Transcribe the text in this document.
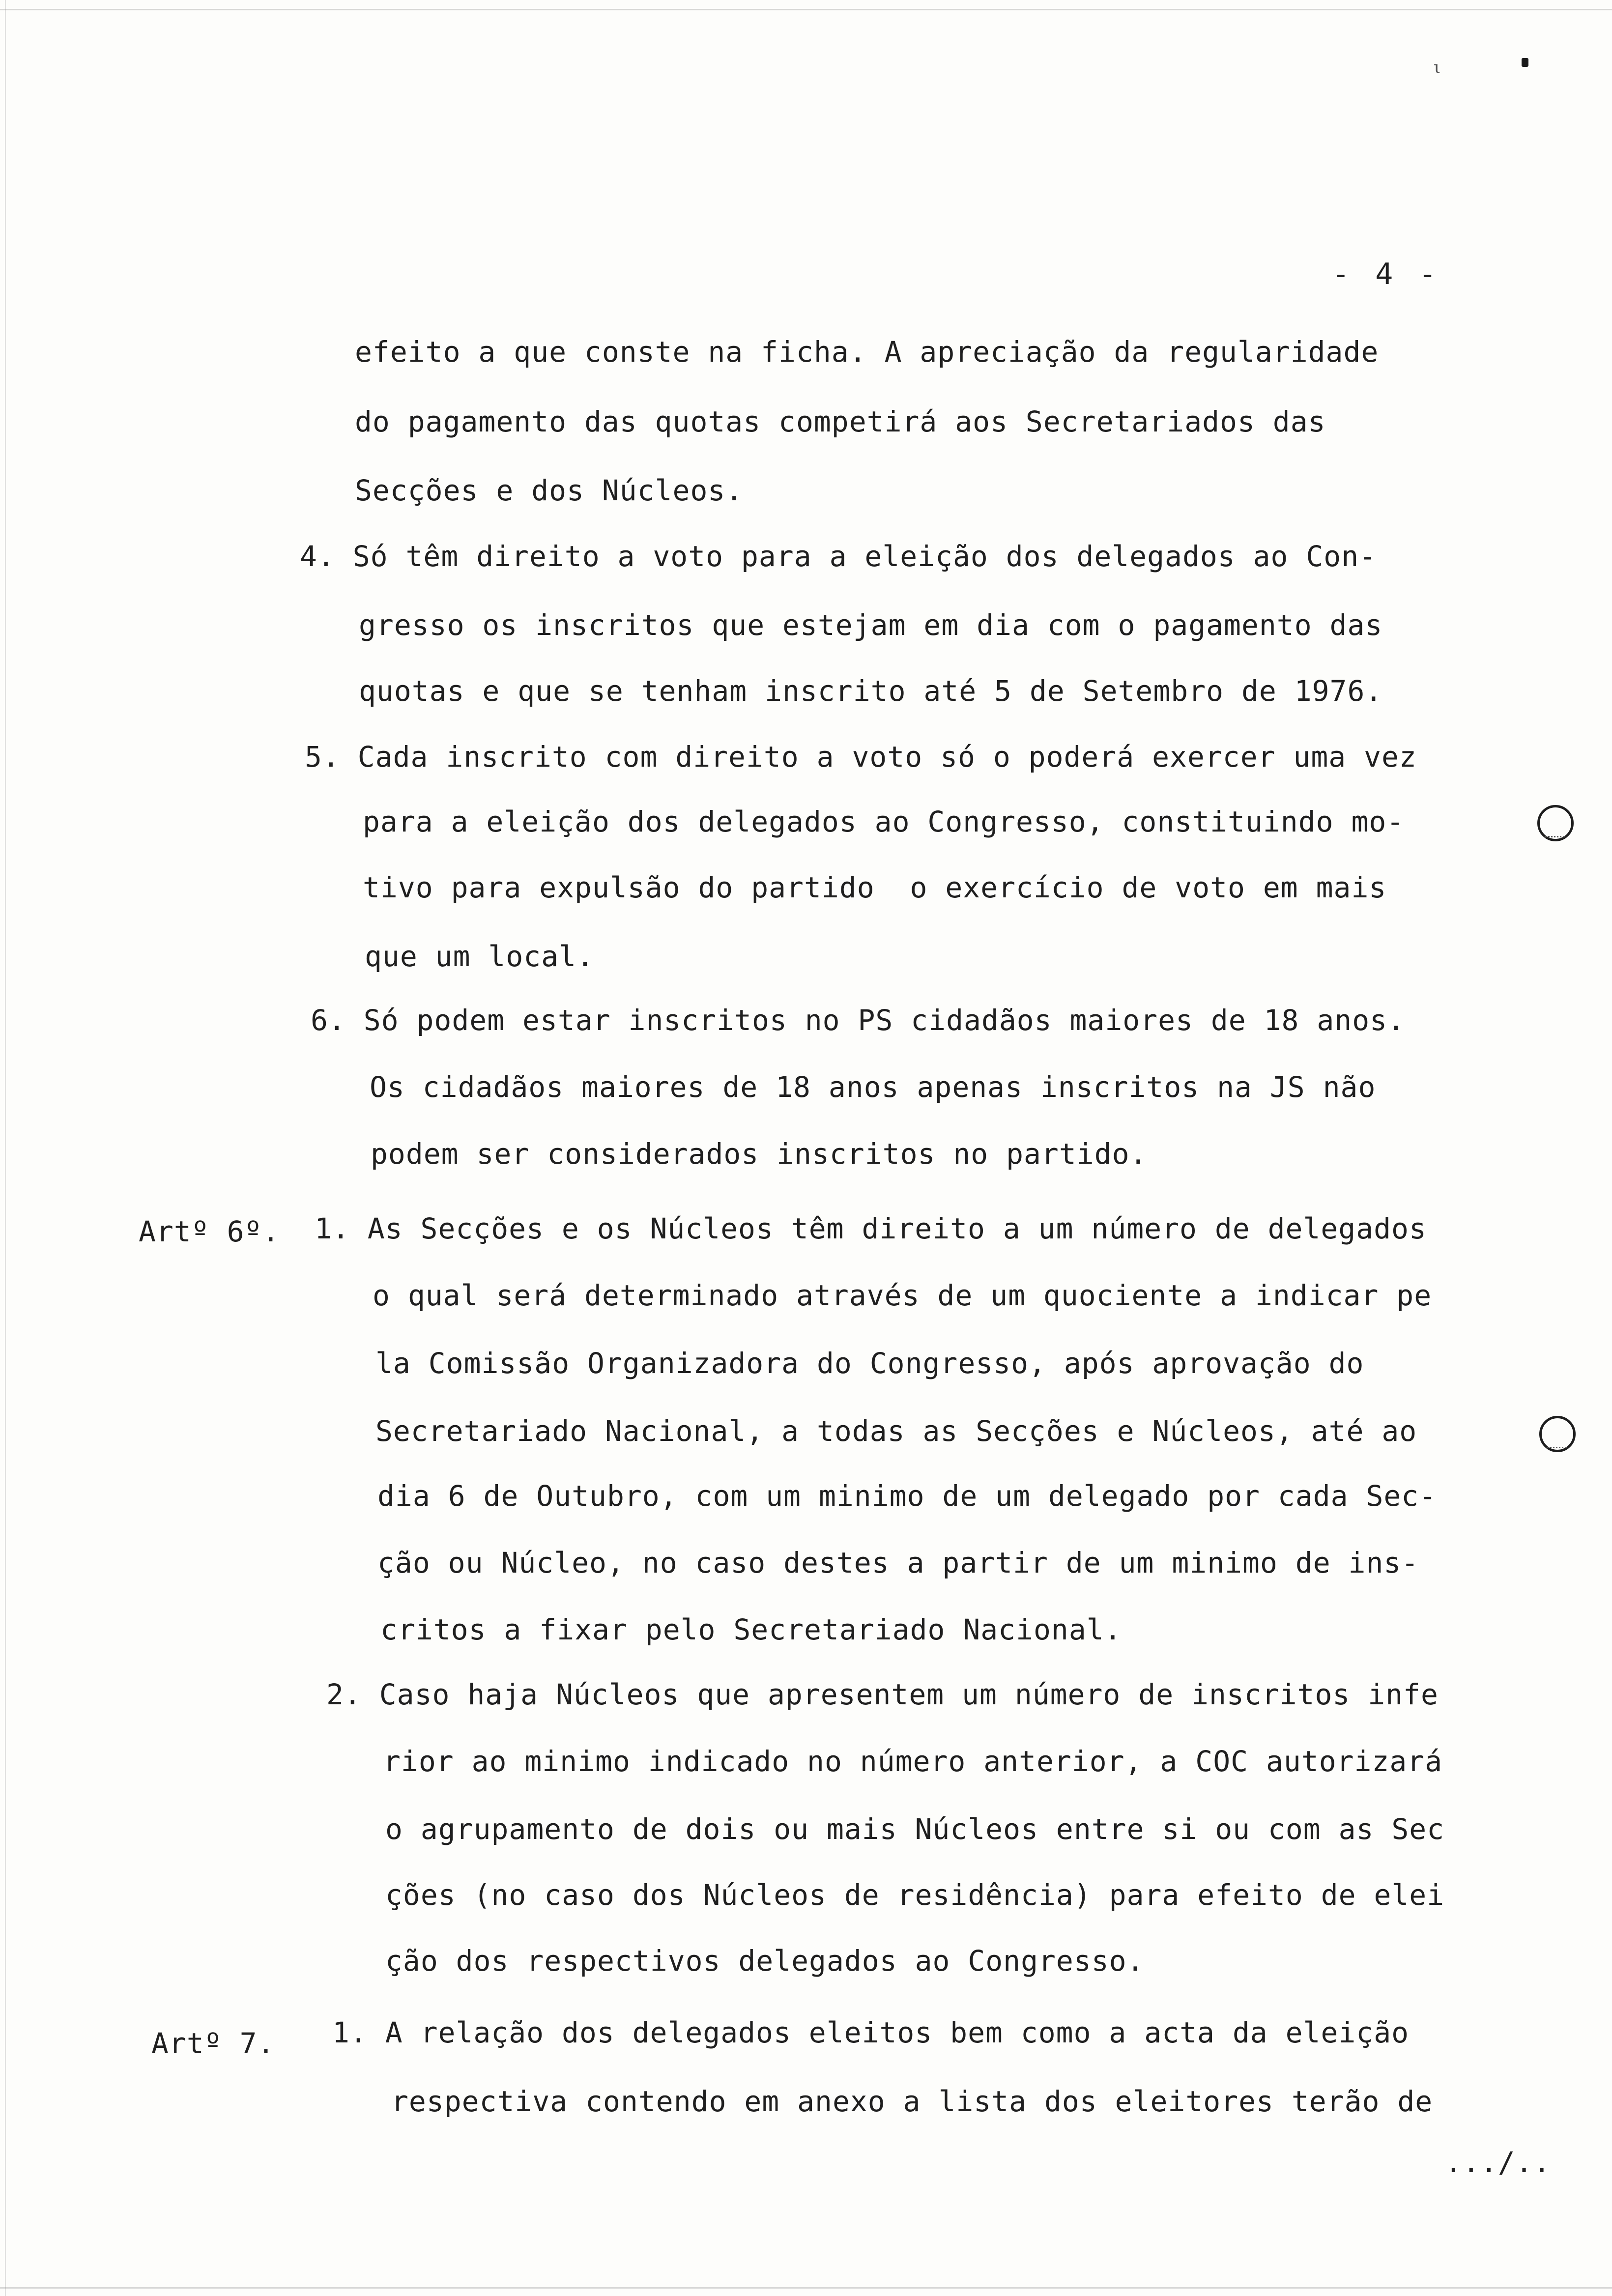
ι
- 4 -
efeito a que conste na ficha. A apreciação da regularidade
do pagamento das quotas competirá aos Secretariados das
Secções e dos Núcleos.
4. Só têm direito a voto para a eleição dos delegados ao Con-
gresso os inscritos que estejam em dia com o pagamento das
quotas e que se tenham inscrito até 5 de Setembro de 1976.
5. Cada inscrito com direito a voto só o poderá exercer uma vez
para a eleição dos delegados ao Congresso, constituindo mo-
tivo para expulsão do partido  o exercício de voto em mais
que um local.
6. Só podem estar inscritos no PS cidadãos maiores de 18 anos.
Os cidadãos maiores de 18 anos apenas inscritos na JS não
podem ser considerados inscritos no partido.
Artº 6º. 1. As Secções e os Núcleos têm direito a um número de delegados
o qual será determinado através de um quociente a indicar pe
la Comissão Organizadora do Congresso, após aprovação do
Secretariado Nacional, a todas as Secções e Núcleos, até ao
dia 6 de Outubro, com um minimo de um delegado por cada Sec-
ção ou Núcleo, no caso destes a partir de um minimo de ins-
critos a fixar pelo Secretariado Nacional.
2. Caso haja Núcleos que apresentem um número de inscritos infe
rior ao minimo indicado no número anterior, a COC autorizará
o agrupamento de dois ou mais Núcleos entre si ou com as Sec
ções (no caso dos Núcleos de residência) para efeito de elei
ção dos respectivos delegados ao Congresso.
Artº 7. 1. A relação dos delegados eleitos bem como a acta da eleição
respectiva contendo em anexo a lista dos eleitores terão de
.../..
